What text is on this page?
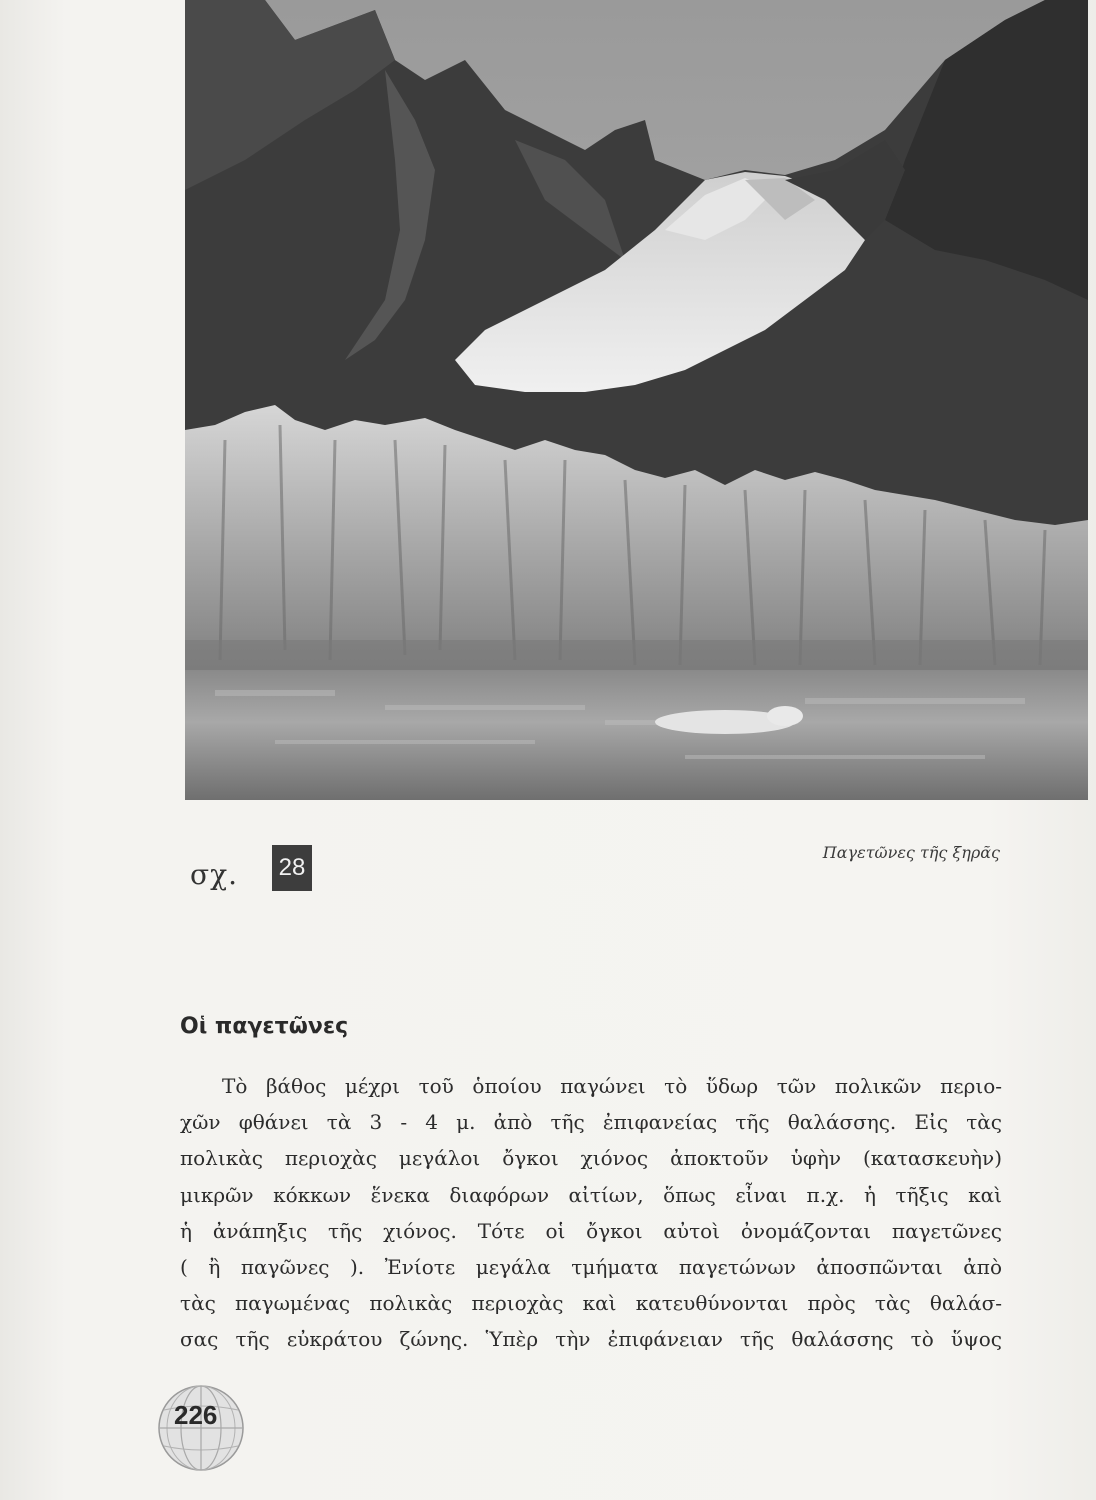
σχ. 28
Παγετῶνες τῆς ξηρᾶς
Οἱ παγετῶνες
Τὸ βάθος μέχρι τοῦ ὁποίου παγώνει τὸ ὕδωρ τῶν πολικῶν περιο-
χῶν φθάνει τὰ 3 - 4 μ. ἀπὸ τῆς ἐπιφανείας τῆς θαλάσσης. Εἰς τὰς
πολικὰς περιοχὰς μεγάλοι ὄγκοι χιόνος ἀποκτοῦν ὑφὴν (κατασκευὴν)
μικρῶν κόκκων ἕνεκα διαφόρων αἰτίων, ὅπως εἶναι π.χ. ἡ τῆξις καὶ
ἡ ἀνάπηξις τῆς χιόνος. Τότε οἱ ὄγκοι αὐτοὶ ὀνομάζονται παγετῶνες
( ἢ παγῶνες ). Ἐνίοτε μεγάλα τμήματα παγετώνων ἀποσπῶνται ἀπὸ
τὰς παγωμένας πολικὰς περιοχὰς καὶ κατευθύνονται πρὸς τὰς θαλάσ-
σας τῆς εὐκράτου ζώνης. Ὑπὲρ τὴν ἐπιφάνειαν τῆς θαλάσσης τὸ ὕψος
226
